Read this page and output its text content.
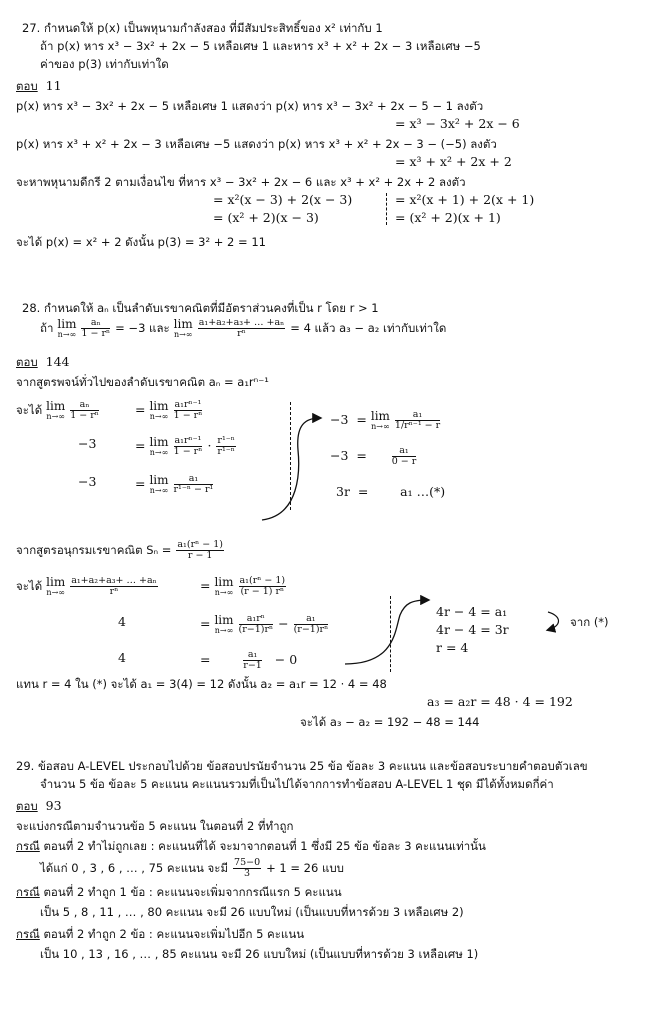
27. กำหนดให้ p(x) เป็นพหุนามกำลังสอง ที่มีสัมประสิทธิ์ของ x² เท่ากับ 1
ถ้า p(x) หาร x³ − 3x² + 2x − 5 เหลือเศษ 1 และหาร x³ + x² + 2x − 3 เหลือเศษ −5
ค่าของ p(3) เท่ากับเท่าใด
ตอบ 11
p(x) หาร x³ − 3x² + 2x − 5 เหลือเศษ 1 แสดงว่า p(x) หาร x³ − 3x² + 2x − 5 − 1 ลงตัว
= x³ − 3x² + 2x − 6
p(x) หาร x³ + x² + 2x − 3 เหลือเศษ −5 แสดงว่า p(x) หาร x³ + x² + 2x − 3 − (−5) ลงตัว
= x³ + x² + 2x + 2
จะหาพหุนามดีกรี 2 ตามเงื่อนไข ที่หาร x³ − 3x² + 2x − 6 และ x³ + x² + 2x + 2 ลงตัว
= x²(x − 3) + 2(x − 3)	= x²(x + 1) + 2(x + 1)
= (x² + 2)(x − 3)	= (x² + 2)(x + 1)
จะได้ p(x) = x² + 2 ดังนั้น p(3) = 3² + 2 = 11
28. กำหนดให้ aₙ เป็นลำดับเรขาคณิตที่มีอัตราส่วนคงที่เป็น r โดย r > 1
ถ้า lim
n→∞
$\frac{\text{aₙ}}{\text{1 − rⁿ}} = -3$ และ lim
n→∞
$\frac{\text{a₁+a₂+a₃+ … +aₙ}}{\text{rⁿ}} = 4$ แล้ว a₃ − a₂ เท่ากับเท่าใด
ตอบ 144
จากสูตรพจน์ทั่วไปของลำดับเรขาคณิต aₙ = a₁rⁿ⁻¹
จะได้ lim
n→∞
$\frac{\text{aₙ}}{\text{1 − rⁿ}}$	= lim
n→∞
$\frac{\text{a₁rⁿ⁻¹}}{\text{1 − rⁿ}}$
−3	= lim
n→∞
$\frac{\text{a₁rⁿ⁻¹}}{\text{1 − rⁿ}} \cdot \frac{\text{r¹⁻ⁿ}}{\text{r¹⁻ⁿ}}$
−3	= lim
n→∞
$\frac{\text{a₁}}{\text{r¹⁻ⁿ − r¹}}$
−3 = lim
n→∞
$\frac{\text{a₁}}{\text{1/rⁿ⁻¹ − r}}$
−3 =	$\frac{\text{a₁}}{0 - r}$
3r =	a₁ …(*)
จากสูตรอนุกรมเรขาคณิต $S_n = \frac{\text{a₁(rⁿ − 1)}}{r - 1}$
จะได้ lim
n→∞
$\frac{\text{a₁+a₂+a₃+ … +aₙ}}{\text{rⁿ}}$	= lim
n→∞
$\frac{\text{a₁(rⁿ − 1)}}{\text{(r − 1) rⁿ}}$
4	= lim
n→∞
$\frac{\text{a₁rⁿ}}{\text{(r−1)rⁿ}} - \frac{\text{a₁}}{\text{(r−1)rⁿ}}$
4	=	$\frac{\text{a₁}}{r-1} - 0$
4r − 4 = a₁
4r − 4 = 3r
r = 4
จาก (*)
แทน r = 4 ใน (*) จะได้ a₁ = 3(4) = 12 ดังนั้น a₂ = a₁r = 12 · 4 = 48
a₃ = a₂r = 48 · 4 = 192
จะได้ a₃ − a₂ = 192 − 48 = 144
29. ข้อสอบ A-LEVEL ประกอบไปด้วย ข้อสอบปรนัยจำนวน 25 ข้อ ข้อละ 3 คะแนน และข้อสอบระบายคำตอบตัวเลข
จำนวน 5 ข้อ ข้อละ 5 คะแนน คะแนนรวมที่เป็นไปได้จากการทำข้อสอบ A-LEVEL 1 ชุด มีได้ทั้งหมดกี่ค่า
ตอบ 93
จะแบ่งกรณีตามจำนวนข้อ 5 คะแนน ในตอนที่ 2 ที่ทำถูก
กรณี ตอนที่ 2 ทำไม่ถูกเลย : คะแนนที่ได้ จะมาจากตอนที่ 1 ซึ่งมี 25 ข้อ ข้อละ 3 คะแนนเท่านั้น
ได้แก่ 0 , 3 , 6 , … , 75 คะแนน จะมี $\frac{75-0}{3} + 1 = 26$ แบบ
กรณี ตอนที่ 2 ทำถูก 1 ข้อ : คะแนนจะเพิ่มจากกรณีแรก 5 คะแนน
เป็น 5 , 8 , 11 , … , 80 คะแนน จะมี 26 แบบใหม่ (เป็นแบบที่หารด้วย 3 เหลือเศษ 2)
กรณี ตอนที่ 2 ทำถูก 2 ข้อ : คะแนนจะเพิ่มไปอีก 5 คะแนน
เป็น 10 , 13 , 16 , … , 85 คะแนน จะมี 26 แบบใหม่ (เป็นแบบที่หารด้วย 3 เหลือเศษ 1)
